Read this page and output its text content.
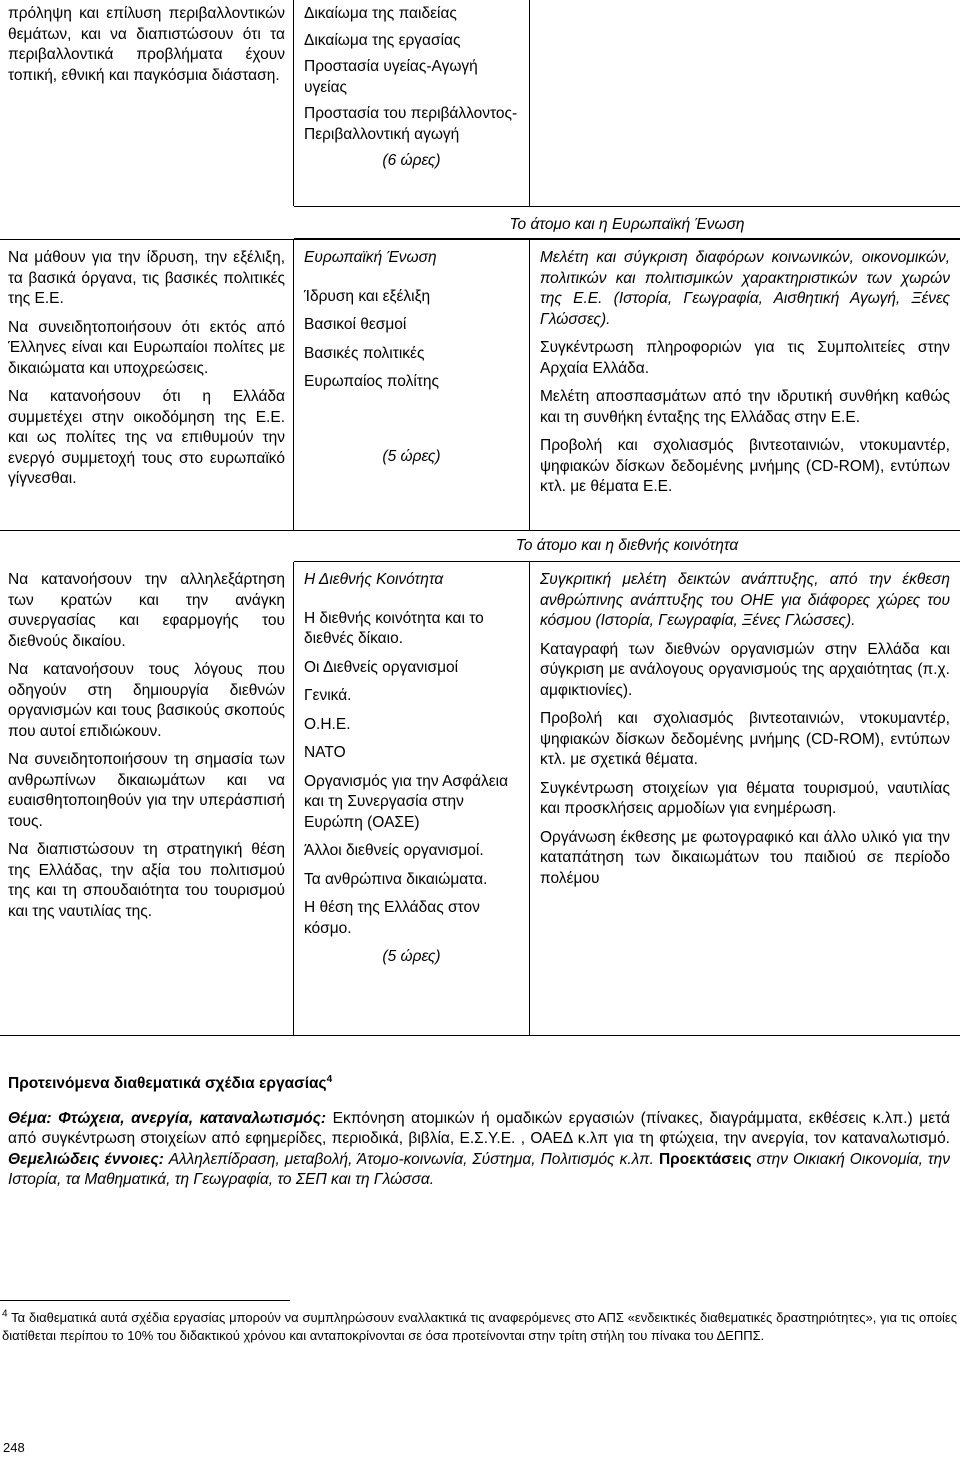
πρόληψη και επίλυση περιβαλλοντικών θεμάτων, και να διαπιστώσουν ότι τα περιβαλλοντικά προβλήματα έχουν τοπική, εθνική και παγκόσμια διάσταση.
Δικαίωμα της παιδείας
Δικαίωμα της εργασίας
Προστασία υγείας-Αγωγή υγείας
Προστασία του περιβάλλοντος-Περιβαλλοντική αγωγή
(6 ώρες)
Το άτομο και η Ευρωπαϊκή Ένωση

Να μάθουν για την ίδρυση, την εξέλιξη, τα βασικά όργανα, τις βασικές πολιτικές της Ε.Ε.

Να συνειδητοποιήσουν ότι εκτός από Έλληνες είναι και Ευρωπαίοι πολίτες με δικαιώματα και υποχρεώσεις.

Να κατανοήσουν ότι η Ελλάδα συμμετέχει στην οικοδόμηση της Ε.Ε. και ως πολίτες της να επιθυμούν την ενεργό συμμετοχή τους στο ευρωπαϊκό γίγνεσθαι.

Ευρωπαϊκή Ένωση
Ίδρυση και εξέλιξη
Βασικοί θεσμοί
Βασικές πολιτικές
Ευρωπαίος πολίτης
(5 ώρες)

Μελέτη και σύγκριση διαφόρων κοινωνικών, οικονομικών, πολιτικών και πολιτισμικών χαρακτηριστικών των χωρών της Ε.Ε. (Ιστορία, Γεωγραφία, Αισθητική Αγωγή, Ξένες Γλώσσες).

Συγκέντρωση πληροφοριών για τις Συμπολιτείες στην Αρχαία Ελλάδα.

Μελέτη αποσπασμάτων από την ιδρυτική συνθήκη καθώς και τη συνθήκη ένταξης της Ελλάδας στην Ε.Ε.

Προβολή και σχολιασμός βιντεοταινιών, ντοκυμαντέρ, ψηφιακών δίσκων δεδομένης μνήμης (CD-ROM), εντύπων κτλ. με θέματα Ε.Ε.

Το άτομο και η διεθνής κοινότητα

Να κατανοήσουν την αλληλεξάρτηση των κρατών και την ανάγκη συνεργασίας και εφαρμογής του διεθνούς δικαίου.

Να κατανοήσουν τους λόγους που οδηγούν στη δημιουργία διεθνών οργανισμών και τους βασικούς σκοπούς που αυτοί επιδιώκουν.

Να συνειδητοποιήσουν τη σημασία των ανθρωπίνων δικαιωμάτων και να ευαισθητοποιηθούν για την υπεράσπισή τους.

Να διαπιστώσουν τη στρατηγική θέση της Ελλάδας, την αξία του πολιτισμού της και τη σπουδαιότητα του τουρισμού και της ναυτιλίας της.

Η Διεθνής Κοινότητα
Η διεθνής κοινότητα και το διεθνές δίκαιο.
Οι Διεθνείς οργανισμοί
Γενικά.
Ο.Η.Ε.
ΝΑΤΟ
Οργανισμός για την Ασφάλεια και τη Συνεργασία στην Ευρώπη (ΟΑΣΕ)
Άλλοι διεθνείς οργανισμοί.
Τα ανθρώπινα δικαιώματα.
Η θέση της Ελλάδας στον κόσμο.
(5 ώρες)

Συγκριτική μελέτη δεικτών ανάπτυξης, από την έκθεση ανθρώπινης ανάπτυξης του ΟΗΕ για διάφορες χώρες του κόσμου (Ιστορία, Γεωγραφία, Ξένες Γλώσσες).

Καταγραφή των διεθνών οργανισμών στην Ελλάδα και σύγκριση με ανάλογους οργανισμούς της αρχαιότητας (π.χ. αμφικτιονίες).

Προβολή και σχολιασμός βιντεοταινιών, ντοκυμαντέρ, ψηφιακών δίσκων δεδομένης μνήμης (CD-ROM), εντύπων κτλ. με σχετικά θέματα.

Συγκέντρωση στοιχείων για θέματα τουρισμού, ναυτιλίας και προσκλήσεις αρμοδίων για ενημέρωση.

Οργάνωση έκθεσης με φωτογραφικό και άλλο υλικό για την καταπάτηση των δικαιωμάτων του παιδιού σε περίοδο πολέμου

Προτεινόμενα διαθεματικά σχέδια εργασίας$^4$
Θέμα: Φτώχεια, ανεργία, καταναλωτισμός: Εκπόνηση ατομικών ή ομαδικών εργασιών (πίνακες, διαγράμματα, εκθέσεις κ.λπ.) μετά από συγκέντρωση στοιχείων από εφημερίδες, περιοδικά, βιβλία, Ε.Σ.Υ.Ε. , ΟΑΕΔ κ.λπ για τη φτώχεια, την ανεργία, τον καταναλωτισμό. Θεμελιώδεις έννοιες: Αλληλεπίδραση, μεταβολή, Άτομο-κοινωνία, Σύστημα, Πολιτισμός κ.λπ. Προεκτάσεις στην Οικιακή Οικονομία, την Ιστορία, τα Μαθηματικά, τη Γεωγραφία, το ΣΕΠ και τη Γλώσσα.
$^4$ Τα διαθεματικά αυτά σχέδια εργασίας μπορούν να συμπληρώσουν εναλλακτικά τις αναφερόμενες στο ΑΠΣ «ενδεικτικές διαθεματικές δραστηριότητες», για τις οποίες διατίθεται περίπου το 10% του διδακτικού χρόνου και ανταποκρίνονται σε όσα προτείνονται στην τρίτη στήλη του πίνακα του ΔΕΠΠΣ.
248
